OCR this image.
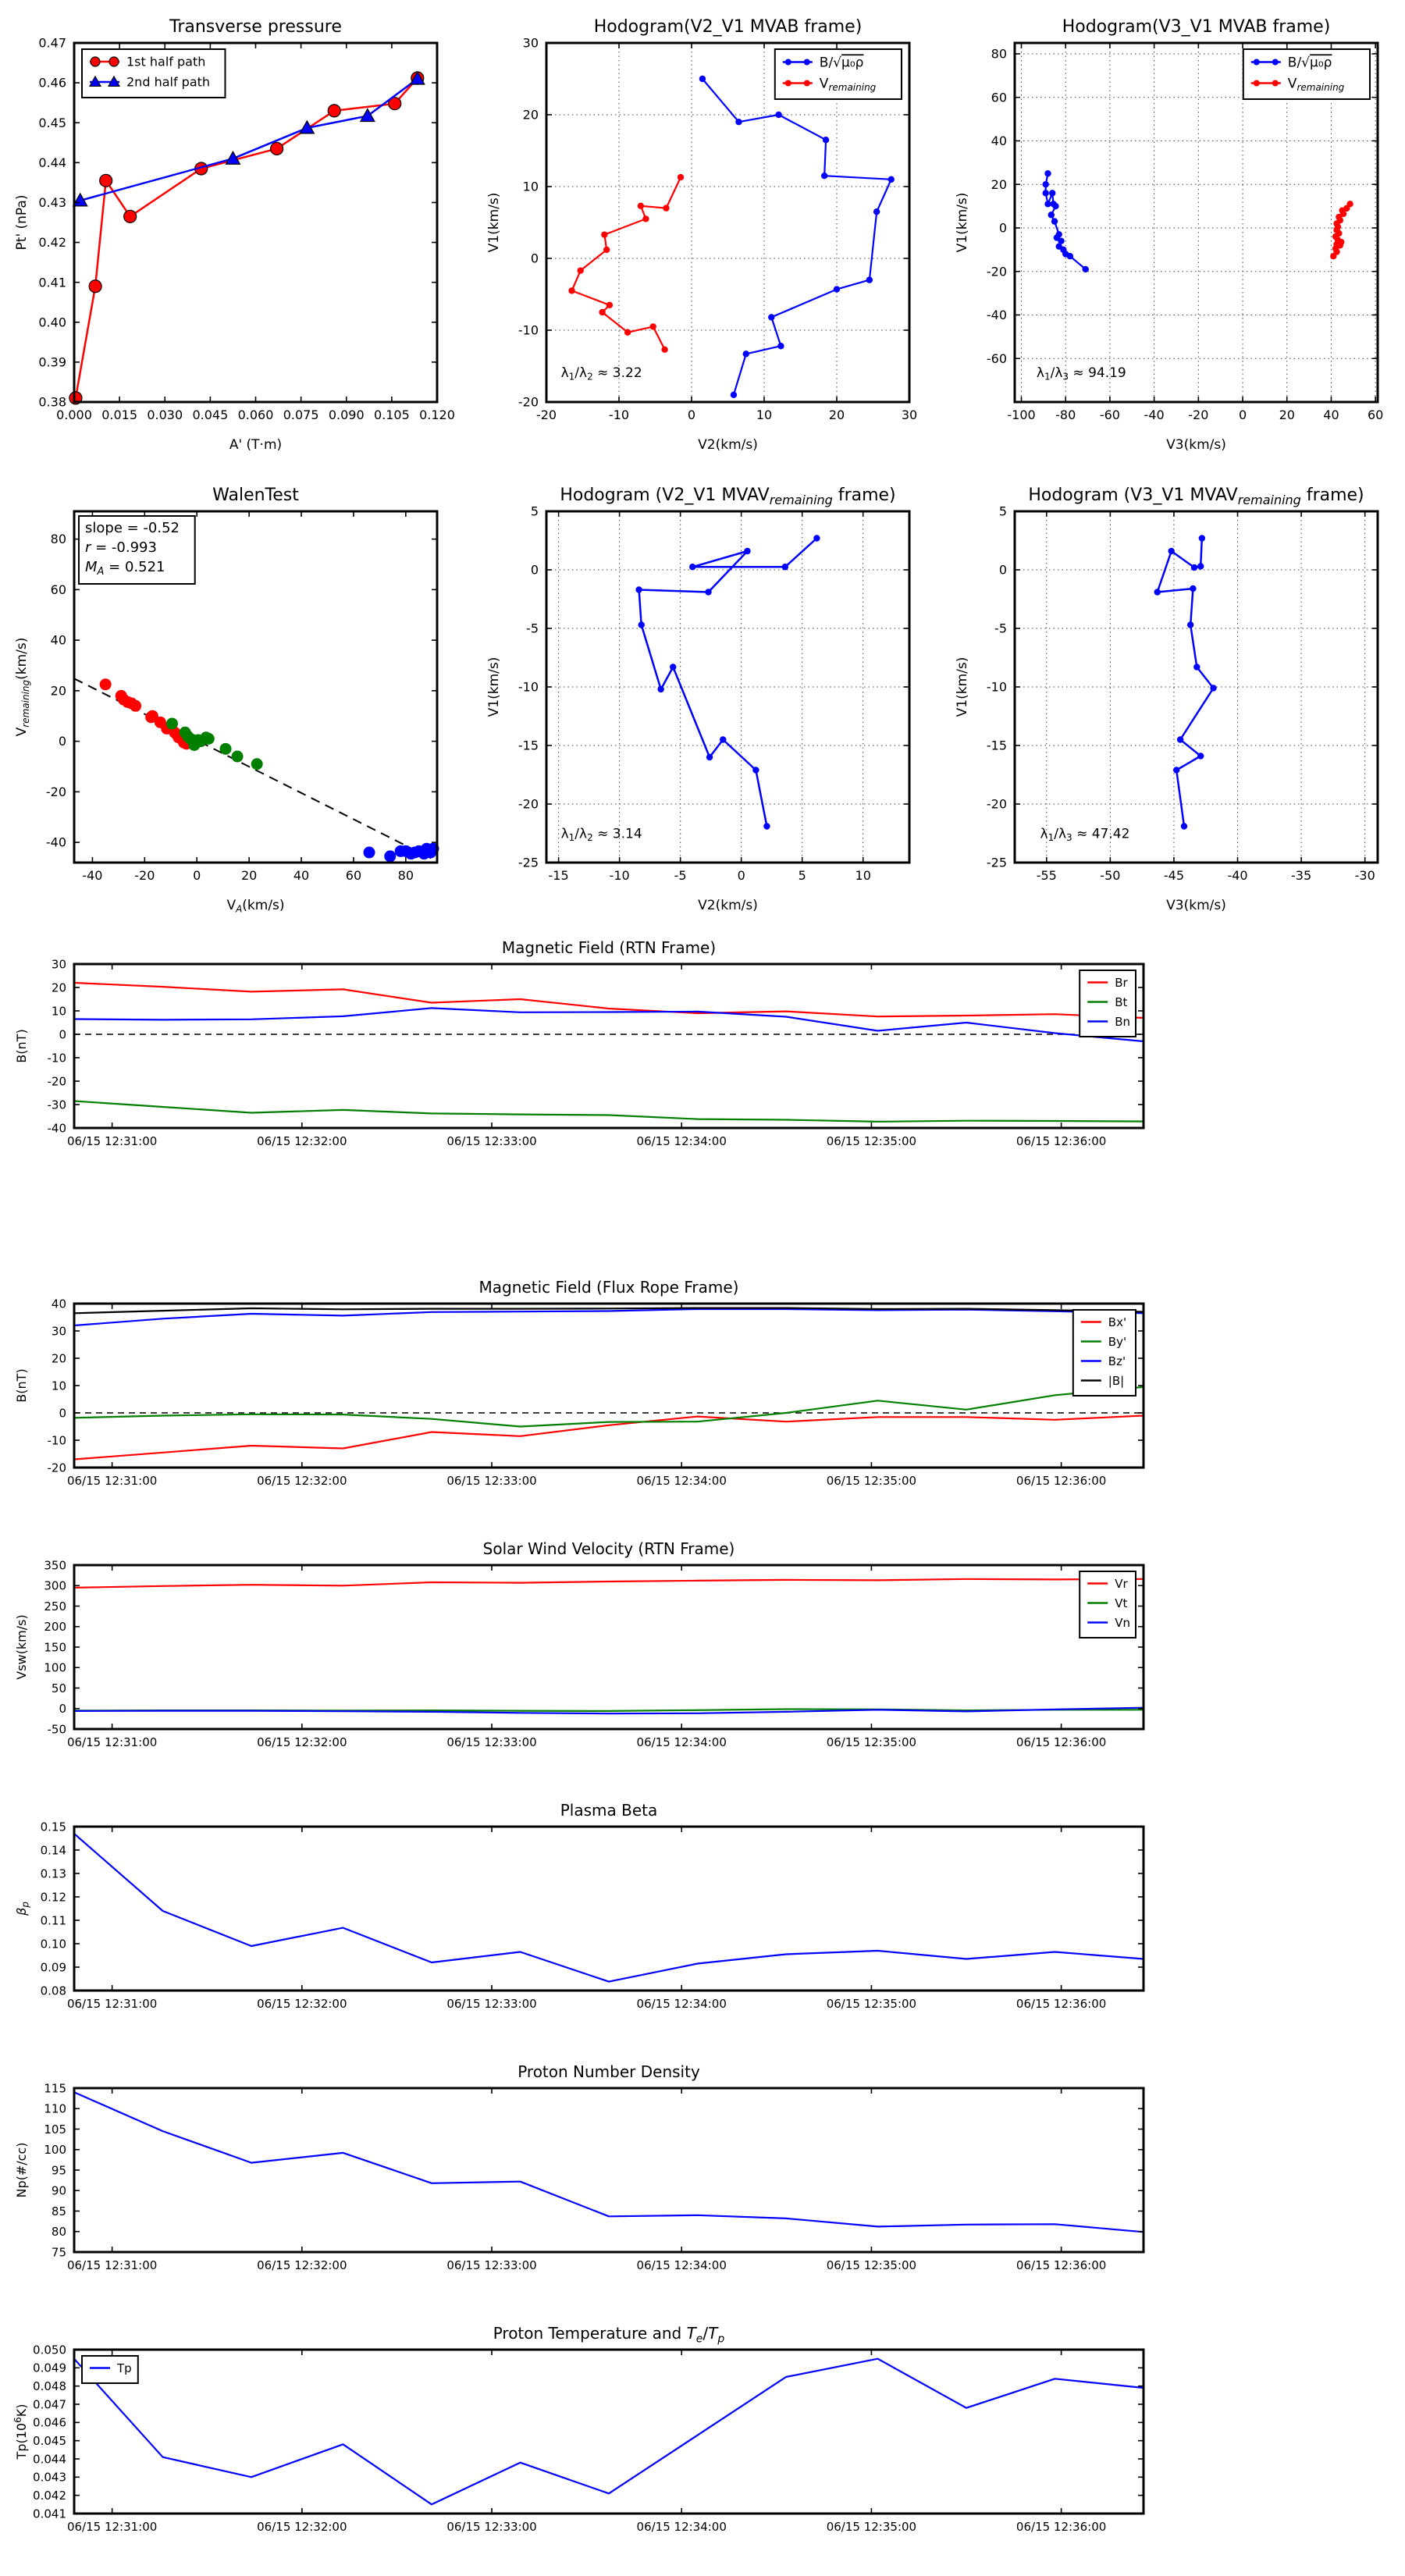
0.000 0.015 0.030 0.045 0.060 0.075 0.090 0.105 0.120
0.38
0.39
0.40
0.41
0.42
0.43
0.44
0.45
0.46
0.47
Transverse pressure
A' (T·m)
Pt' (nPa)
1st half path
2nd half path
-20	-10	0	10	20	30
-20
-10
0
10
20
30
Hodogram(V2_V1 MVAB frame)
V2(km/s)
V1(km/s)
$\lambda_1/\lambda_2 \approx 3.22$
B/√μ₀ρ
$V_{remaining}$
-100 -80 -60 -40 -20 0	20 40 60
-60
-40
-20
0
20
40
60
80
Hodogram(V3_V1 MVAB frame)
V3(km/s)
V1(km/s)
$\lambda_1/\lambda_3 \approx 94.19$
B/√μ₀ρ
$V_{remaining}$
-40	-20	0	20	40	60	80
-40
-20
0
20
40
60
80
WalenTest
$V_A(km/s)$
$V_{remaining}(km/s)$
slope = -0.52
r = -0.993
$M_A = 0.521$
-15	-10	-5	0	5	10
-25
-20
-15
-10
-5
0
5
Hodogram (V2_V1 $MVAV_{remaining}$ frame)
V2(km/s)
V1(km/s)
$\lambda_1/\lambda_2 \approx 3.14$
-55	-50	-45	-40	-35	-30
-25
-20
-15
-10
-5
0
5
Hodogram (V3_V1 $MVAV_{remaining}$ frame)
V3(km/s)
V1(km/s)
$\lambda_1/\lambda_3 \approx 47.42$
06/15 12:31:00	06/15 12:32:00	06/15 12:33:00	06/15 12:34:00	06/15 12:35:00	06/15 12:36:00
-40
-30
-20
-10
0
10
20
30
Magnetic Field (RTN Frame)
B(nT)
Br
Bt
Bn
06/15 12:31:00	06/15 12:32:00	06/15 12:33:00	06/15 12:34:00	06/15 12:35:00	06/15 12:36:00
-20
-10
0
10
20
30
40
Magnetic Field (Flux Rope Frame)
B(nT)
Bx'
By'
Bz'
|B|
06/15 12:31:00	06/15 12:32:00	06/15 12:33:00	06/15 12:34:00	06/15 12:35:00	06/15 12:36:00
-50
0
50
100
150
200
250
300
350
Solar Wind Velocity (RTN Frame)
Vsw(km/s)
Vr
Vt
Vn
06/15 12:31:00	06/15 12:32:00	06/15 12:33:00	06/15 12:34:00	06/15 12:35:00	06/15 12:36:00
0.08
0.09
0.10
0.11
0.12
0.13
0.14
0.15
Plasma Beta
$\beta_p$
06/15 12:31:00	06/15 12:32:00	06/15 12:33:00	06/15 12:34:00	06/15 12:35:00	06/15 12:36:00
75
80
85
90
95
100
105
110
115
Proton Number Density
Np(#/cc)
06/15 12:31:00	06/15 12:32:00	06/15 12:33:00	06/15 12:34:00	06/15 12:35:00	06/15 12:36:00
0.041
0.042
0.043
0.044
0.045
0.046
0.047
0.048
0.049
0.050
Proton Temperature and $T_e/T_p$
$Tp(10^6K)$
Tp
